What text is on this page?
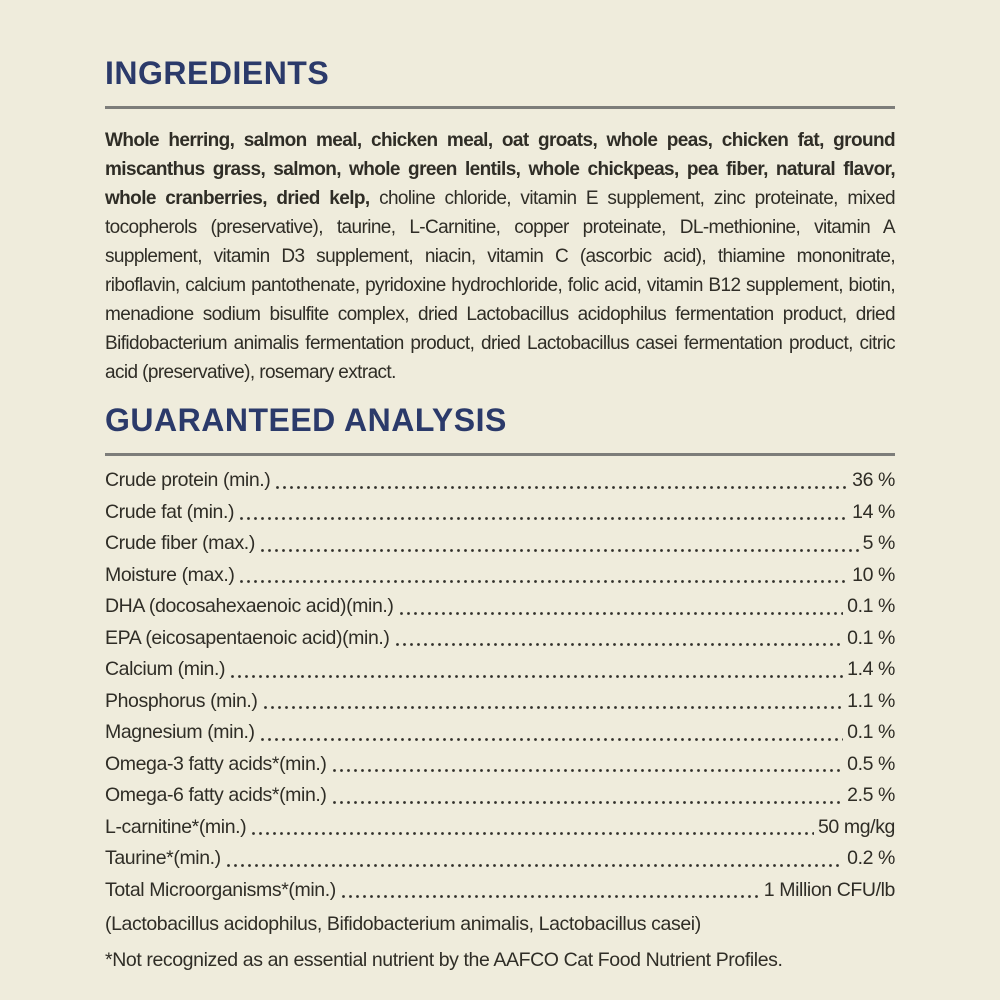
INGREDIENTS

Whole herring, salmon meal, chicken meal, oat groats, whole peas, chicken fat, ground miscanthus grass, salmon, whole green lentils, whole chickpeas, pea fiber, natural flavor, whole cranberries, dried kelp, choline chloride, vitamin E supplement, zinc proteinate, mixed tocopherols (preservative), taurine, L-Carnitine, copper proteinate, DL-methionine, vitamin A supplement, vitamin D3 supplement, niacin, vitamin C (ascorbic acid), thiamine mononitrate, riboflavin, calcium pantothenate, pyridoxine hydrochloride, folic acid, vitamin B12 supplement, biotin, menadione sodium bisulfite complex, dried Lactobacillus acidophilus fermentation product, dried Bifidobacterium animalis fermentation product, dried Lactobacillus casei fermentation product, citric acid (preservative), rosemary extract.

GUARANTEED ANALYSIS
Crude protein (min.)	36 %
Crude fat (min.)	14 %
Crude fiber (max.)	5 %
Moisture (max.)	10 %
DHA (docosahexaenoic acid)(min.)	0.1 %
EPA (eicosapentaenoic acid)(min.)	0.1 %
Calcium (min.)	1.4 %
Phosphorus (min.)	1.1 %
Magnesium (min.)	0.1 %
Omega-3 fatty acids*(min.)	0.5 %
Omega-6 fatty acids*(min.)	2.5 %
L-carnitine*(min.)	50 mg/kg
Taurine*(min.)	0.2 %
Total Microorganisms*(min.)	1 Million CFU/lb
(Lactobacillus acidophilus, Bifidobacterium animalis, Lactobacillus casei)
*Not recognized as an essential nutrient by the AAFCO Cat Food Nutrient Profiles.
